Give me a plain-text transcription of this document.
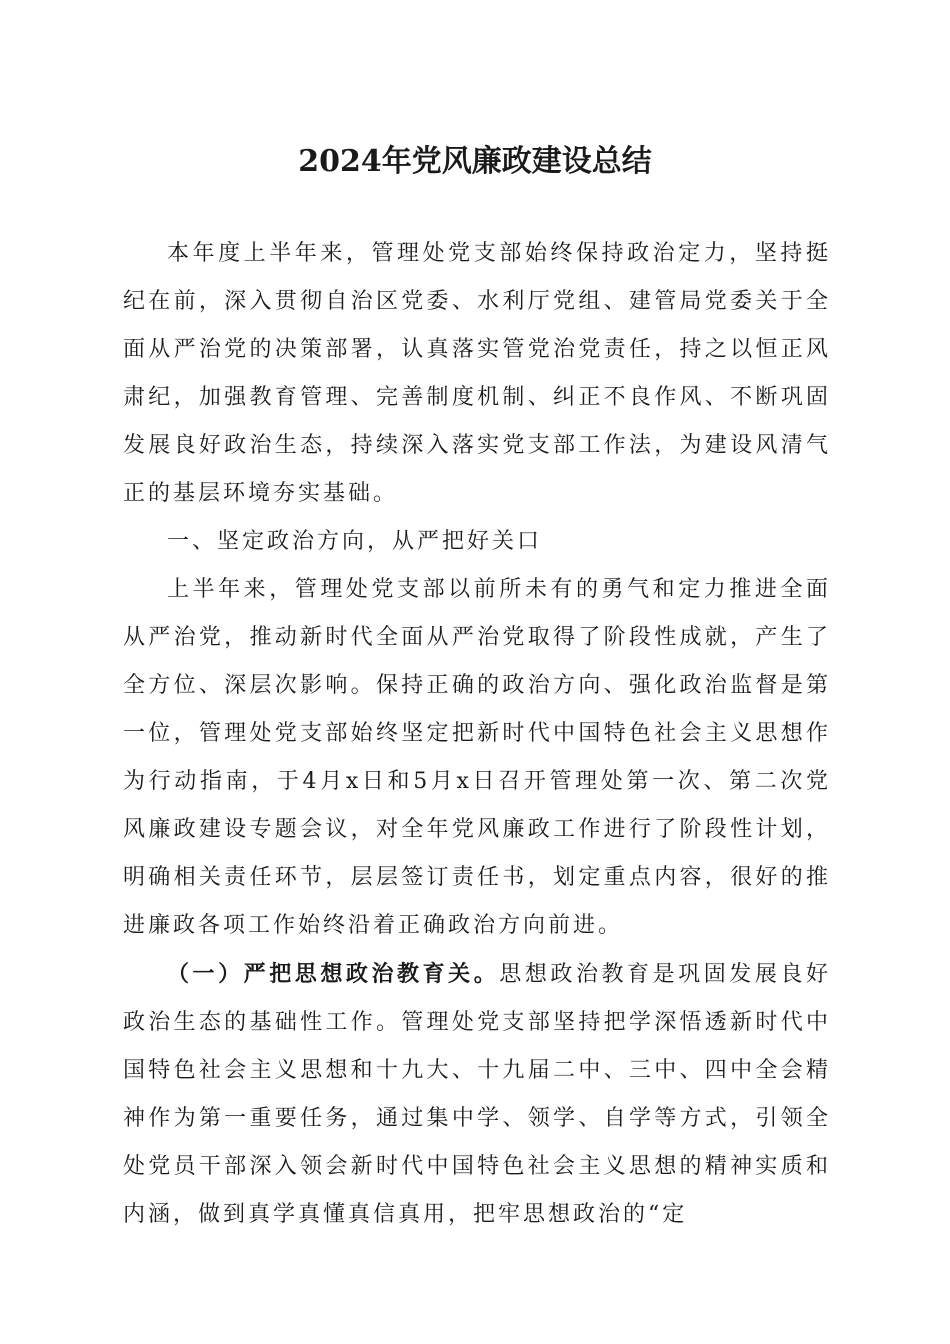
2024年党风廉政建设总结

本年度上半年来，管理处党支部始终保持政治定力，坚持挺纪在前，深入贯彻自治区党委、水利厅党组、建管局党委关于全面从严治党的决策部署，认真落实管党治党责任，持之以恒正风肃纪，加强教育管理、完善制度机制、纠正不良作风、不断巩固发展良好政治生态，持续深入落实党支部工作法，为建设风清气正的基层环境夯实基础。

一、坚定政治方向，从严把好关口

上半年来，管理处党支部以前所未有的勇气和定力推进全面从严治党，推动新时代全面从严治党取得了阶段性成就，产生了全方位、深层次影响。保持正确的政治方向、强化政治监督是第一位，管理处党支部始终坚定把新时代中国特色社会主义思想作为行动指南，于4月x日和5月x日召开管理处第一次、第二次党风廉政建设专题会议，对全年党风廉政工作进行了阶段性计划，明确相关责任环节，层层签订责任书，划定重点内容，很好的推进廉政各项工作始终沿着正确政治方向前进。

（一）严把思想政治教育关。思想政治教育是巩固发展良好政治生态的基础性工作。管理处党支部坚持把学深悟透新时代中国特色社会主义思想和十九大、十九届二中、三中、四中全会精神作为第一重要任务，通过集中学、领学、自学等方式，引领全处党员干部深入领会新时代中国特色社会主义思想的精神实质和内涵，做到真学真懂真信真用，把牢思想政治的“定
